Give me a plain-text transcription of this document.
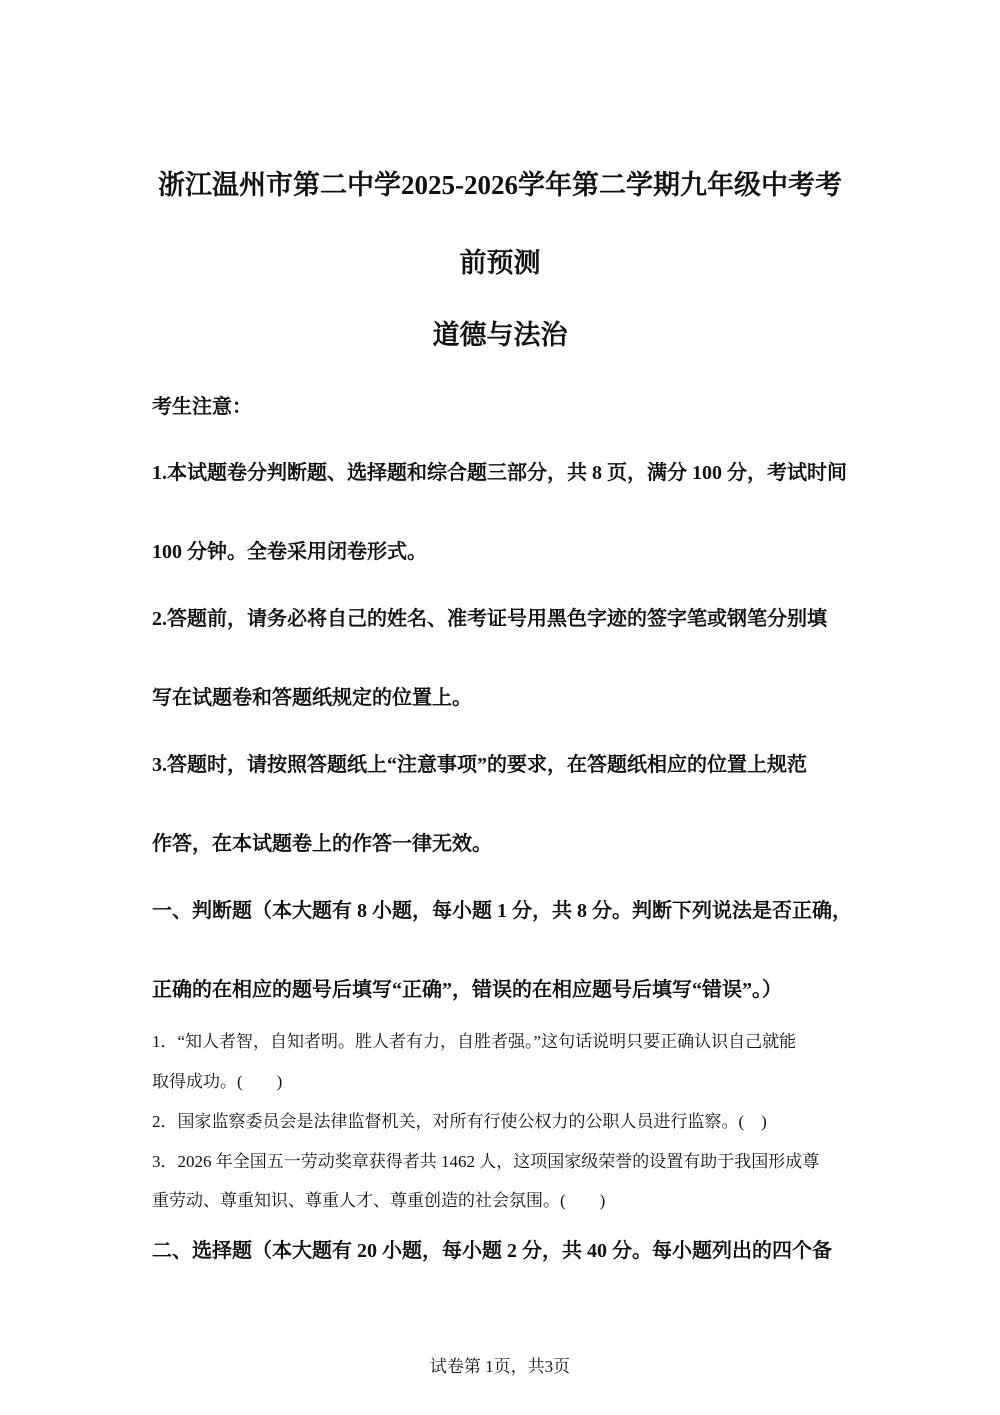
浙江温州市第二中学2025-2026学年第二学期九年级中考考
前预测
道德与法治
考生注意：
1.本试题卷分判断题、选择题和综合题三部分，共 8 页，满分 100 分，考试时间
100 分钟。全卷采用闭卷形式。
2.答题前，请务必将自己的姓名、准考证号用黑色字迹的签字笔或钢笔分别填
写在试题卷和答题纸规定的位置上。
3.答题时，请按照答题纸上“注意事项”的要求，在答题纸相应的位置上规范
作答，在本试题卷上的作答一律无效。
一、判断题（本大题有 8 小题，每小题 1 分，共 8 分。判断下列说法是否正确，
正确的在相应的题号后填写“正确”，错误的在相应题号后填写“错误”。）
1．“知人者智，自知者明。胜人者有力，自胜者强。”这句话说明只要正确认识自己就能
取得成功。(　　)
2．国家监察委员会是法律监督机关，对所有行使公权力的公职人员进行监察。(　)
3．2026 年全国五一劳动奖章获得者共 1462 人，这项国家级荣誉的设置有助于我国形成尊
重劳动、尊重知识、尊重人才、尊重创造的社会氛围。(　　)
二、选择题（本大题有 20 小题，每小题 2 分，共 40 分。每小题列出的四个备
试卷第 1页，共3页
